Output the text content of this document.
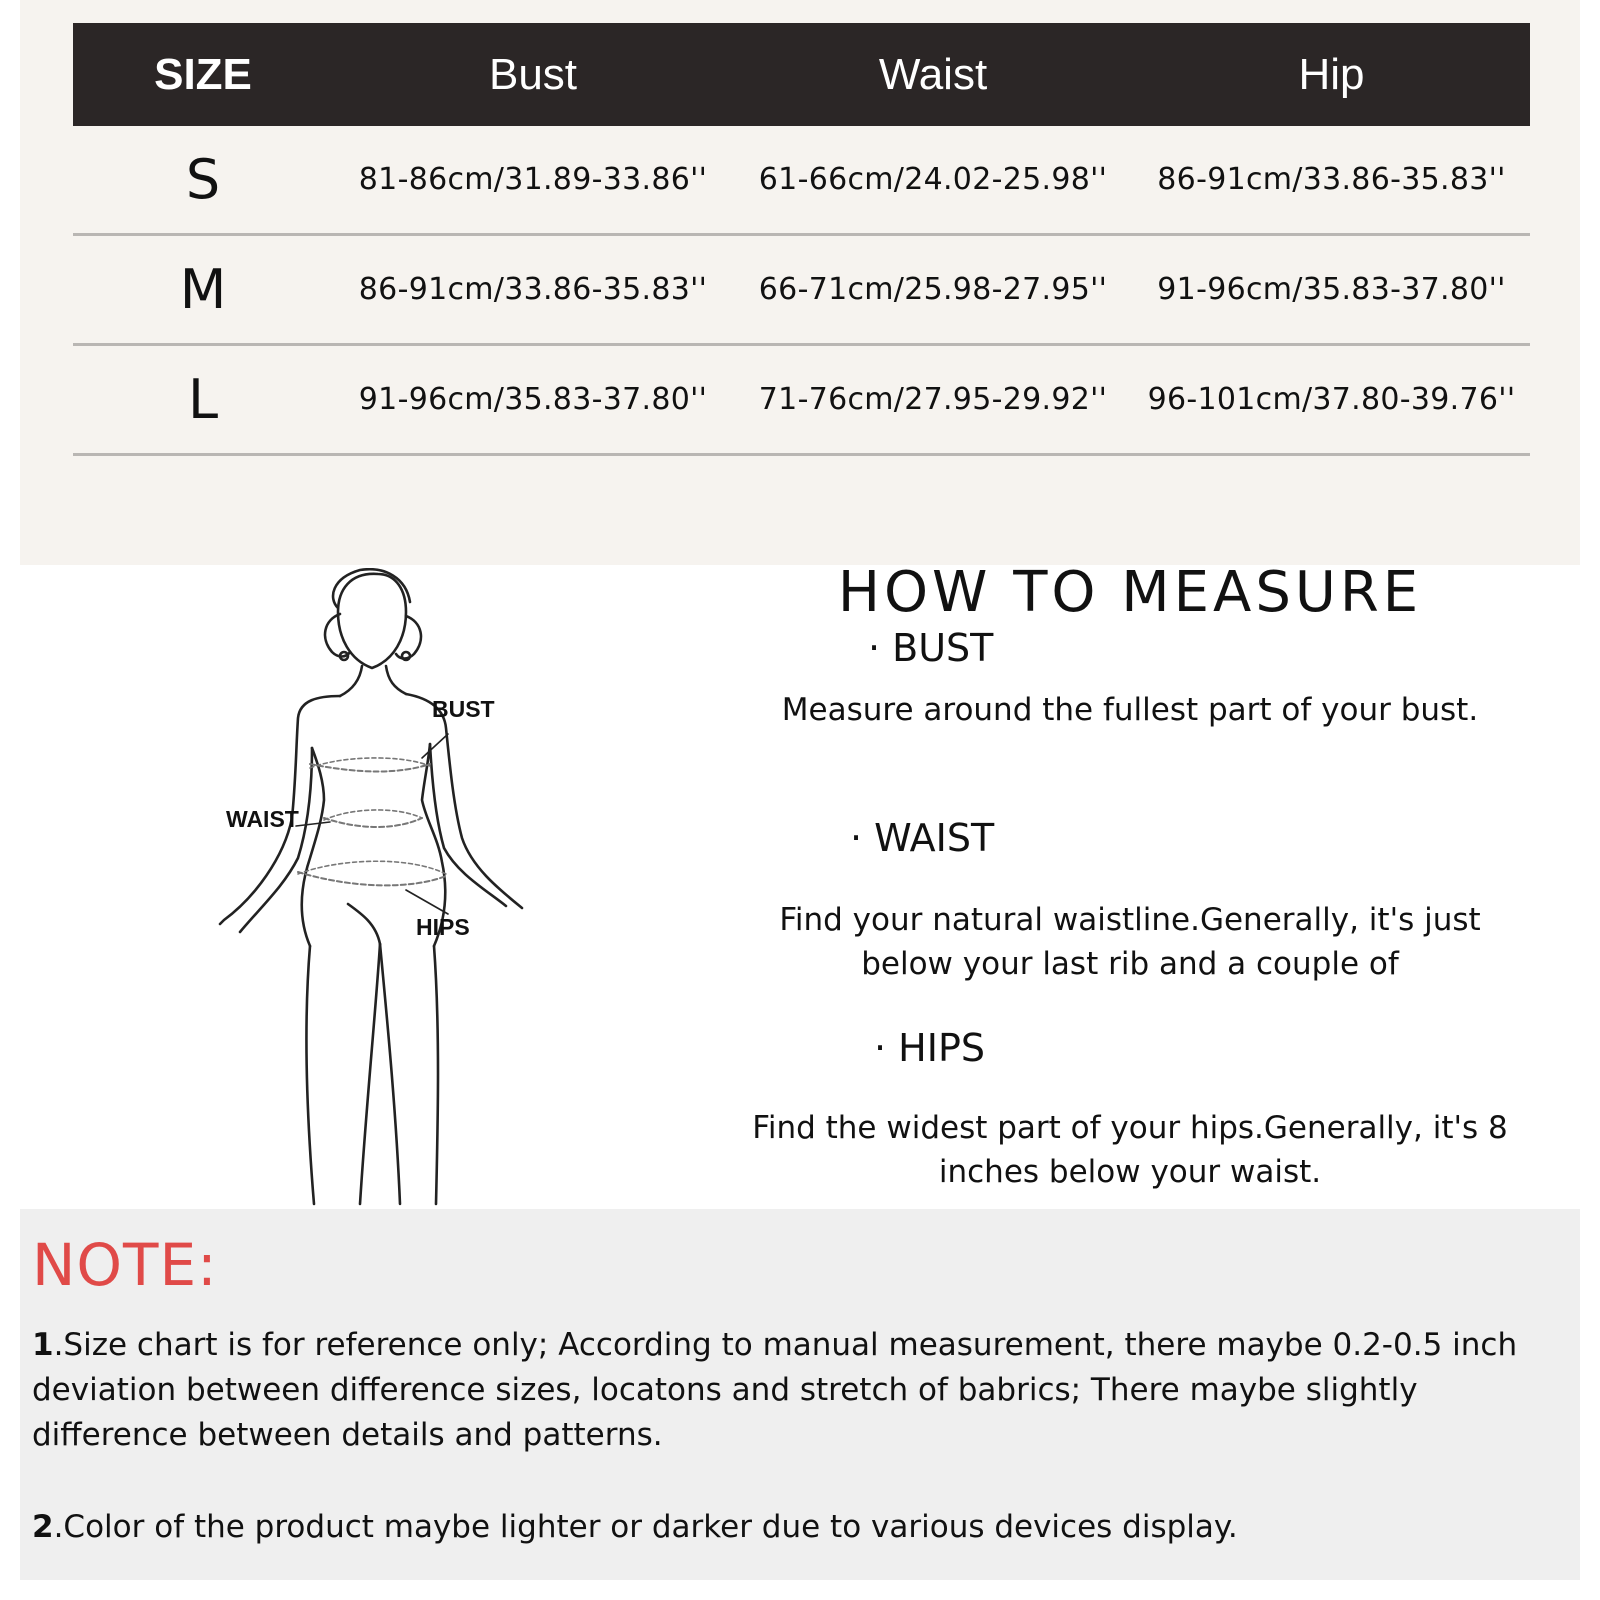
SIZE	Bust	Waist	Hip
S	81-86cm/31.89-33.86''	61-66cm/24.02-25.98''	86-91cm/33.86-35.83''
M	86-91cm/33.86-35.83''	66-71cm/25.98-27.95''	91-96cm/35.83-37.80''
L	91-96cm/35.83-37.80''	71-76cm/27.95-29.92''	96-101cm/37.80-39.76''
BUST
WAIST
HIPS
HOW TO MEASURE
· BUST
Measure around the fullest part of your bust.
· WAIST
Find your natural waistline.Generally, it's just below your last rib and a couple of
· HIPS
Find the widest part of your hips.Generally, it's 8 inches below your waist.
NOTE:
1.Size chart is for reference only; According to manual measurement, there maybe 0.2-0.5 inch deviation between difference sizes, locatons and stretch of babrics; There maybe slightly difference between details and patterns.
2.Color of the product maybe lighter or darker due to various devices display.
